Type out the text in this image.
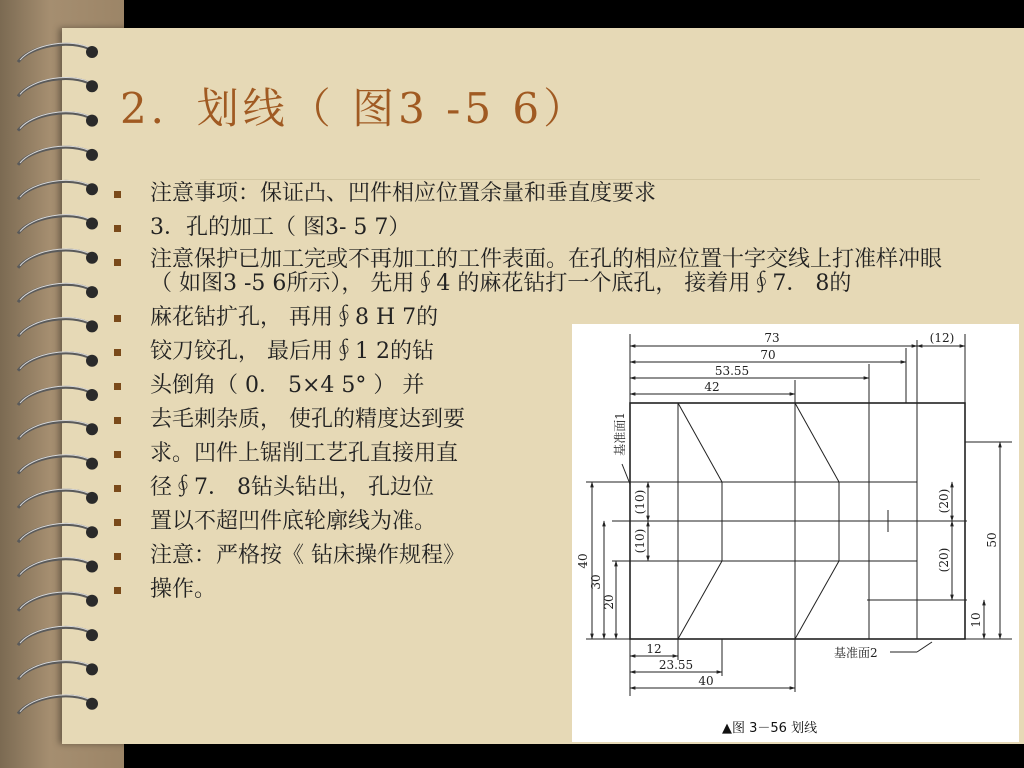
2．划线（ 图3 -5 6）
注意事项：保证凸、凹件相应位置余量和垂直度要求
3．孔的加工（ 图3- 5 7）
注意保护已加工完或不再加工的工件表面。在孔的相应位置十字交线上打准样冲眼（ 如图3 -5 6所示）， 先用∮4 的麻花钻打一个底孔， 接着用∮7． 8的
麻花钻扩孔， 再用∮8 H 7的
铰刀铰孔， 最后用∮1 2的钻
头倒角（ 0． 5×4 5° ） 并
去毛刺杂质， 使孔的精度达到要
求。凹件上锯削工艺孔直接用直
径∮7． 8钻头钻出， 孔边位
置以不超凹件底轮廓线为准。
注意：严格按《 钻床操作规程》
操作。
73
70
53.55
42
(12)
12
23.55
40
40
30
20
(10)
(10)
(20)
(20)
50
10
基准面1
基准面2
▲图 3－56 划线
